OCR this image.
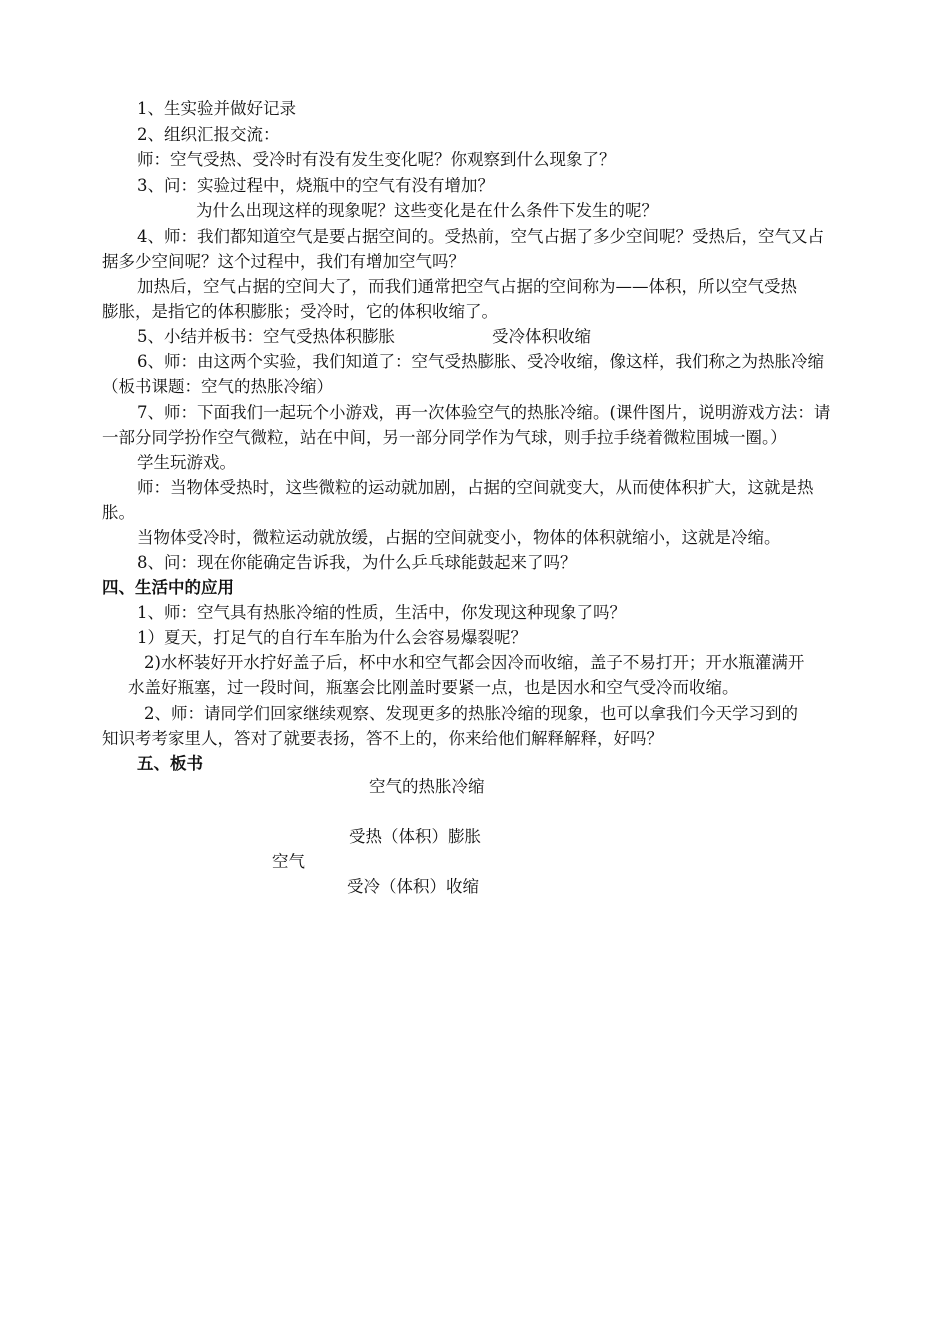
1、生实验并做好记录
2、组织汇报交流：
师：空气受热、受冷时有没有发生变化呢？你观察到什么现象了？
3、问：实验过程中，烧瓶中的空气有没有增加？
为什么出现这样的现象呢？这些变化是在什么条件下发生的呢？
4、师：我们都知道空气是要占据空间的。受热前，空气占据了多少空间呢？受热后，空气又占
据多少空间呢？这个过程中，我们有增加空气吗？
加热后，空气占据的空间大了，而我们通常把空气占据的空间称为——体积，所以空气受热
膨胀，是指它的体积膨胀；受冷时，它的体积收缩了。
5、小结并板书：空气受热体积膨胀	受冷体积收缩
6、师：由这两个实验，我们知道了：空气受热膨胀、受冷收缩，像这样，我们称之为热胀冷缩
（板书课题：空气的热胀冷缩）
7、师：下面我们一起玩个小游戏，再一次体验空气的热胀冷缩。(课件图片，说明游戏方法：请
一部分同学扮作空气微粒，站在中间，另一部分同学作为气球，则手拉手绕着微粒围城一圈。）
学生玩游戏。
师：当物体受热时，这些微粒的运动就加剧，占据的空间就变大，从而使体积扩大，这就是热
胀。
当物体受冷时，微粒运动就放缓，占据的空间就变小，物体的体积就缩小，这就是冷缩。
8、问：现在你能确定告诉我，为什么乒乓球能鼓起来了吗？
四、生活中的应用
1、师：空气具有热胀冷缩的性质，生活中，你发现这种现象了吗？
1）夏天，打足气的自行车车胎为什么会容易爆裂呢？
2)水杯装好开水拧好盖子后，杯中水和空气都会因冷而收缩，盖子不易打开；开水瓶灌满开
水盖好瓶塞，过一段时间，瓶塞会比刚盖时要紧一点，也是因水和空气受冷而收缩。
2、师：请同学们回家继续观察、发现更多的热胀冷缩的现象，也可以拿我们今天学习到的
知识考考家里人，答对了就要表扬，答不上的，你来给他们解释解释，好吗？
五、板书
空气的热胀冷缩
受热（体积）膨胀
空气
受冷（体积）收缩
